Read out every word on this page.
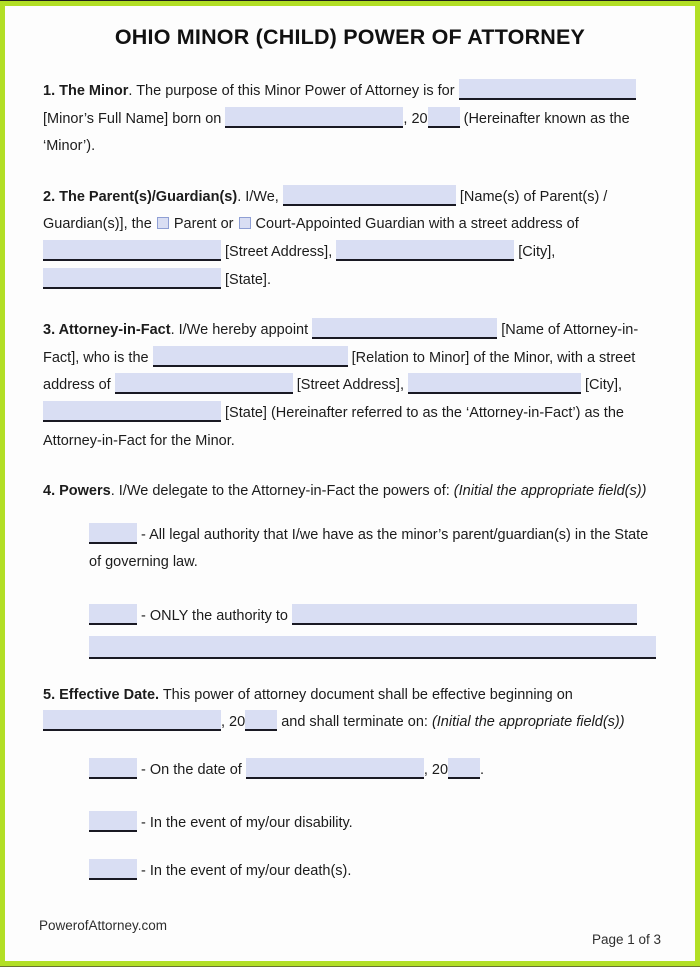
OHIO MINOR (CHILD) POWER OF ATTORNEY
1. The Minor. The purpose of this Minor Power of Attorney is for
[Minor’s Full Name] born on	, 20 (Hereinafter known as the
‘Minor’).
2. The Parent(s)/Guardian(s). I/We,	[Name(s) of Parent(s) /
Guardian(s)], the  Parent or  Court-Appointed Guardian with a street address of
[Street Address],	[City],
[State].
3. Attorney-in-Fact. I/We hereby appoint	[Name of Attorney-in-
Fact], who is the	[Relation to Minor] of the Minor, with a street
address of	[Street Address],	[City],
[State] (Hereinafter referred to as the ‘Attorney-in-Fact’) as the
Attorney-in-Fact for the Minor.
4. Powers. I/We delegate to the Attorney-in-Fact the powers of: (Initial the appropriate field(s))
- All legal authority that I/we have as the minor’s parent/guardian(s) in the State
of governing law.
- ONLY the authority to
5. Effective Date. This power of attorney document shall be effective beginning on
, 20 and shall terminate on: (Initial the appropriate field(s))
- On the date of	, 20 .
- In the event of my/our disability.
- In the event of my/our death(s).
PowerofAttorney.com
Page 1 of 3
